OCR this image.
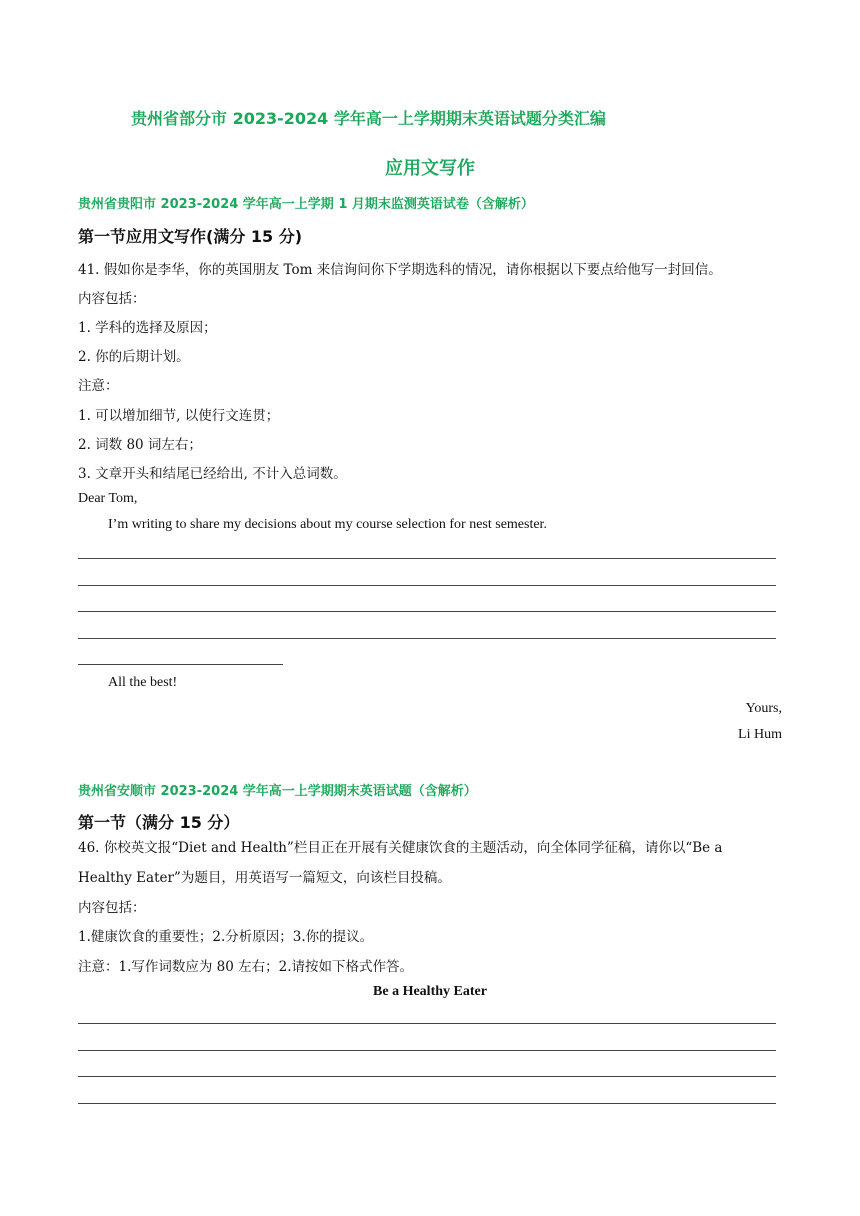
贵州省部分市 2023-2024 学年高一上学期期末英语试题分类汇编
应用文写作
贵州省贵阳市 2023-2024 学年高一上学期 1 月期末监测英语试卷（含解析）
第一节应用文写作(满分 15 分)
41. 假如你是李华，你的英国朋友 Tom 来信询问你下学期选科的情况，请你根据以下要点给他写一封回信。
内容包括：
1. 学科的选择及原因；
2. 你的后期计划。
注意：
1. 可以增加细节, 以使行文连贯；
2. 词数 80 词左右；
3. 文章开头和结尾已经给出, 不计入总词数。
Dear Tom,
I’m writing to share my decisions about my course selection for nest semester.
All the best!
Yours,
Li Hum
贵州省安顺市 2023-2024 学年高一上学期期末英语试题（含解析）
第一节（满分 15 分）
46. 你校英文报“Diet and Health”栏目正在开展有关健康饮食的主题活动，向全体同学征稿，请你以“Be a
Healthy Eater”为题目，用英语写一篇短文，向该栏目投稿。
内容包括：
1.健康饮食的重要性；2.分析原因；3.你的提议。
注意：1.写作词数应为 80 左右；2.请按如下格式作答。
Be a Healthy Eater
